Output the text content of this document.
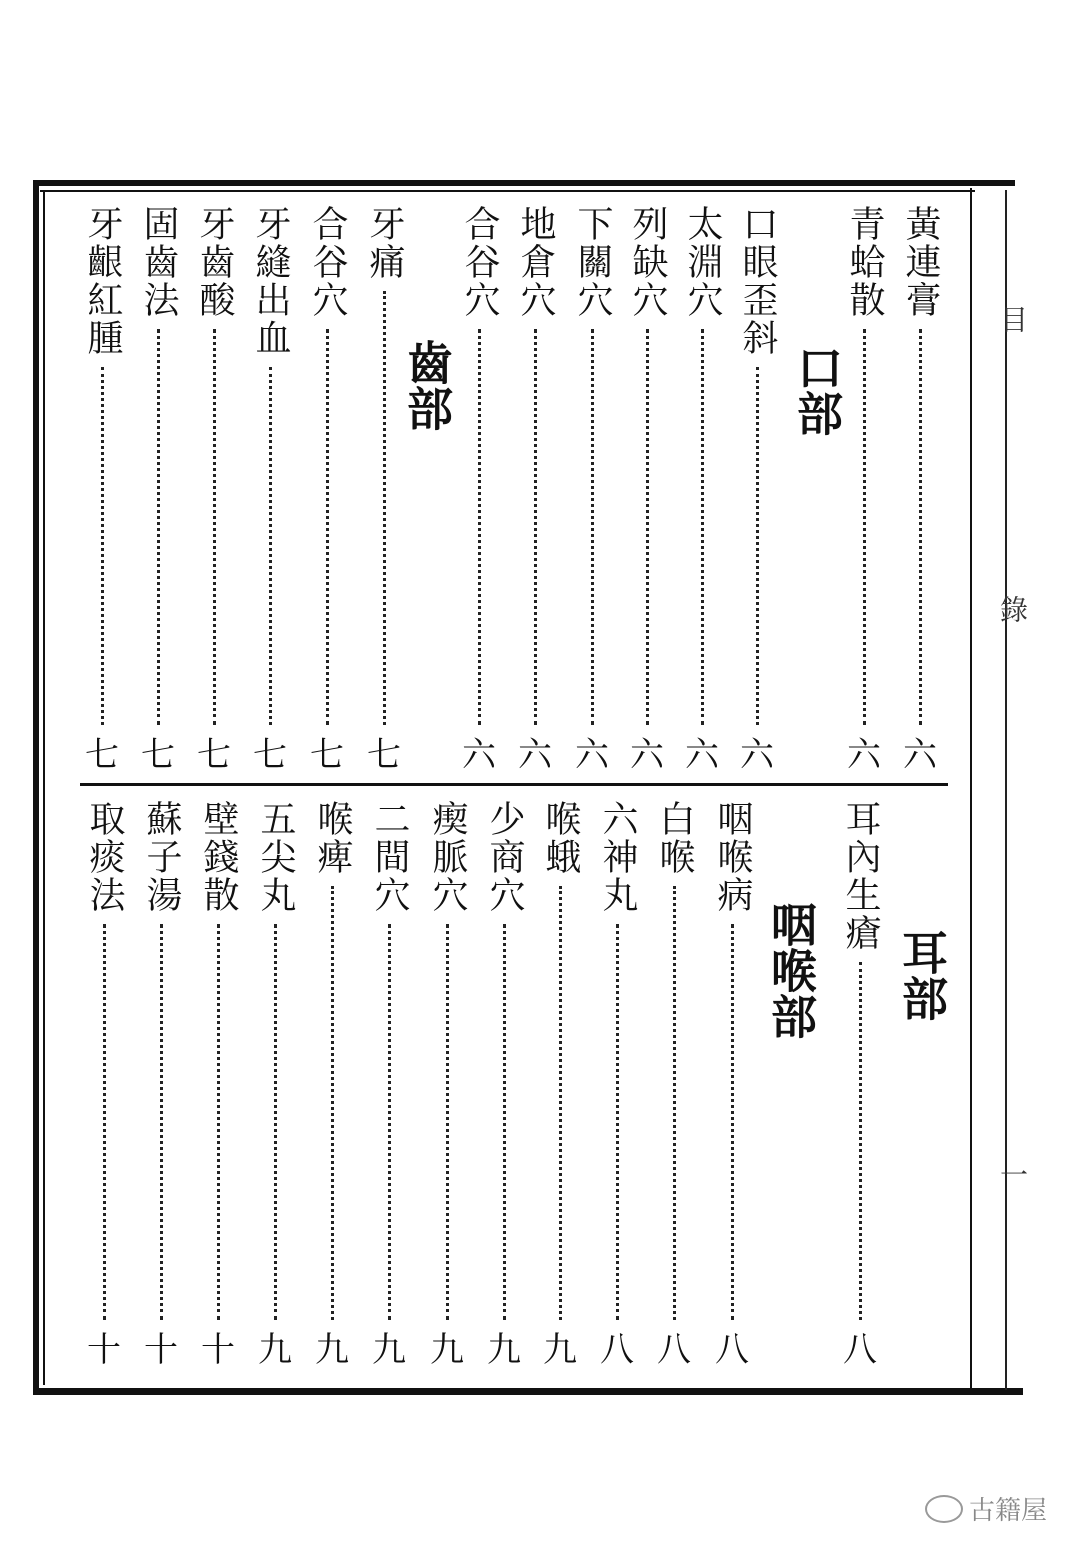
目
錄
一
口部
齒部
黃連膏
六
青蛤散
六
口眼歪斜
六
太淵穴
六
列缺穴
六
下關穴
六
地倉穴
六
合谷穴
六
牙痛
七
合谷穴
七
牙縫出血
七
牙齒酸
七
固齒法
七
牙齦紅腫
七
耳部
咽喉部
耳內生瘡
八
咽喉病
八
白喉
八
六神丸
八
喉蛾
九
少商穴
九
瘈脈穴
九
二間穴
九
喉痺
九
五尖丸
九
壁錢散
十
蘇子湯
十
取痰法
十
古籍屋
